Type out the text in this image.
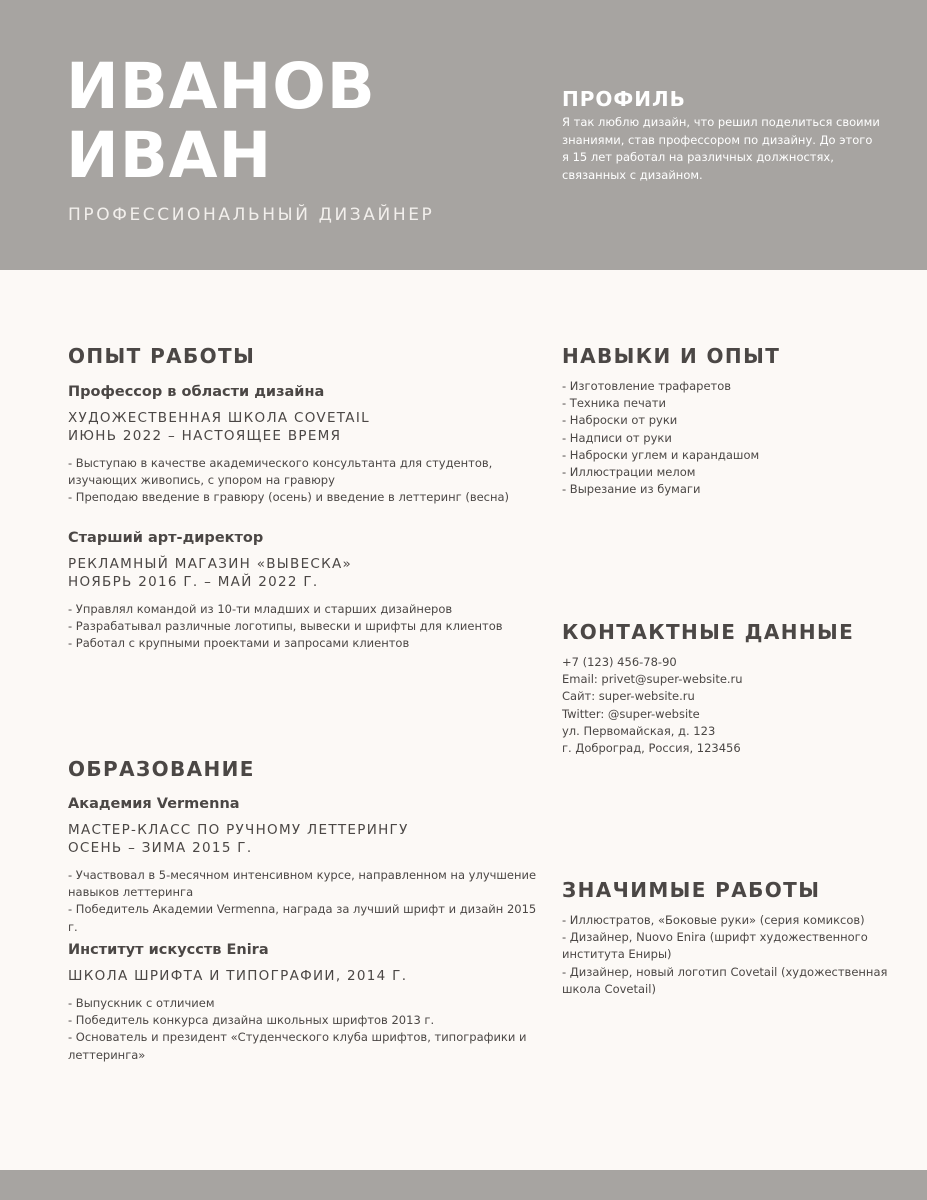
ИВАНОВ
ИВАН
ПРОФЕССИОНАЛЬНЫЙ ДИЗАЙНЕР
ПРОФИЛЬ

Я так люблю дизайн, что решил поделиться своими знаниями, став профессором по дизайну. До этого я 15 лет работал на различных должностях, связанных с дизайном.

ОПЫТ РАБОТЫ
Профессор в области дизайна
ХУДОЖЕСТВЕННАЯ ШКОЛА COVETAIL
ИЮНЬ 2022 – НАСТОЯЩЕЕ ВРЕМЯ
- Выступаю в качестве академического консультанта для студентов, изучающих живопись, с упором на гравюру
- Преподаю введение в гравюру (осень) и введение в леттеринг (весна)
Старший арт-директор
РЕКЛАМНЫЙ МАГАЗИН «ВЫВЕСКА»
НОЯБРЬ 2016 Г. – МАЙ 2022 Г.
- Управлял командой из 10-ти младших и старших дизайнеров
- Разрабатывал различные логотипы, вывески и шрифты для клиентов
- Работал с крупными проектами и запросами клиентов
ОБРАЗОВАНИЕ
Академия Vermenna
МАСТЕР-КЛАСС ПО РУЧНОМУ ЛЕТТЕРИНГУ
ОСЕНЬ – ЗИМА 2015 Г.
- Участвовал в 5-месячном интенсивном курсе, направленном на улучшение навыков леттеринга
- Победитель Академии Vermenna, награда за лучший шрифт и дизайн 2015 г.
Институт искусств Enira
ШКОЛА ШРИФТА И ТИПОГРАФИИ, 2014 Г.
- Выпускник с отличием
- Победитель конкурса дизайна школьных шрифтов 2013 г.
- Основатель и президент «Студенческого клуба шрифтов, типографики и леттеринга»
НАВЫКИ И ОПЫТ
- Изготовление трафаретов
- Техника печати
- Наброски от руки
- Надписи от руки
- Наброски углем и карандашом
- Иллюстрации мелом
- Вырезание из бумаги
КОНТАКТНЫЕ ДАННЫЕ
+7 (123) 456-78-90
Email: privet@super-website.ru
Сайт: super-website.ru
Twitter: @super-website
ул. Первомайская, д. 123
г. Доброград, Россия, 123456
ЗНАЧИМЫЕ РАБОТЫ
- Иллюстратов, «Боковые руки» (серия комиксов)
- Дизайнер, Nuovo Enira (шрифт художественного института Eниры)
- Дизайнер, новый логотип Covetail (художественная школа Covetail)
